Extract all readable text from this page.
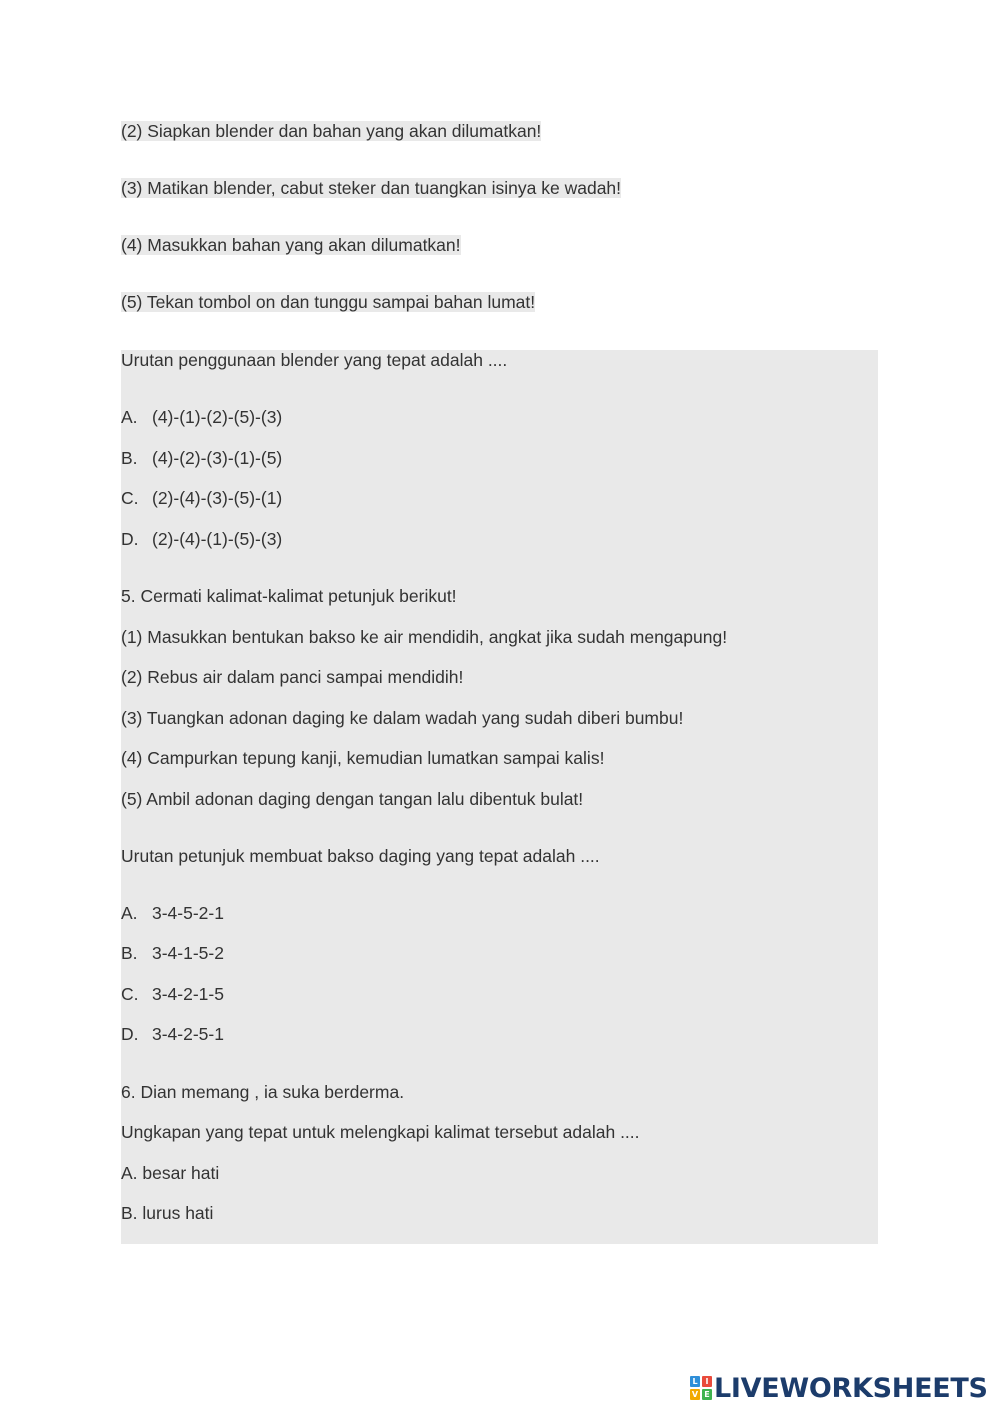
(2) Siapkan blender dan bahan yang akan dilumatkan!
(3) Matikan blender, cabut steker dan tuangkan isinya ke wadah!
(4) Masukkan bahan yang akan dilumatkan!
(5) Tekan tombol on dan tunggu sampai bahan lumat!
Urutan penggunaan blender yang tepat adalah ....
A. (4)-(1)-(2)-(5)-(3)
B. (4)-(2)-(3)-(1)-(5)
C. (2)-(4)-(3)-(5)-(1)
D. (2)-(4)-(1)-(5)-(3)
5. Cermati kalimat-kalimat petunjuk berikut!
(1) Masukkan bentukan bakso ke air mendidih, angkat jika sudah mengapung!
(2) Rebus air dalam panci sampai mendidih!
(3) Tuangkan adonan daging ke dalam wadah yang sudah diberi bumbu!
(4) Campurkan tepung kanji, kemudian lumatkan sampai kalis!
(5) Ambil adonan daging dengan tangan lalu dibentuk bulat!
Urutan petunjuk membuat bakso daging yang tepat adalah ....
A. 3-4-5-2-1
B. 3-4-1-5-2
C. 3-4-2-1-5
D. 3-4-2-5-1
6. Dian memang , ia suka berderma.
Ungkapan yang tepat untuk melengkapi kalimat tersebut adalah ....
A. besar hati
B. lurus hati
L I
V E LIVEWORKSHEETS
